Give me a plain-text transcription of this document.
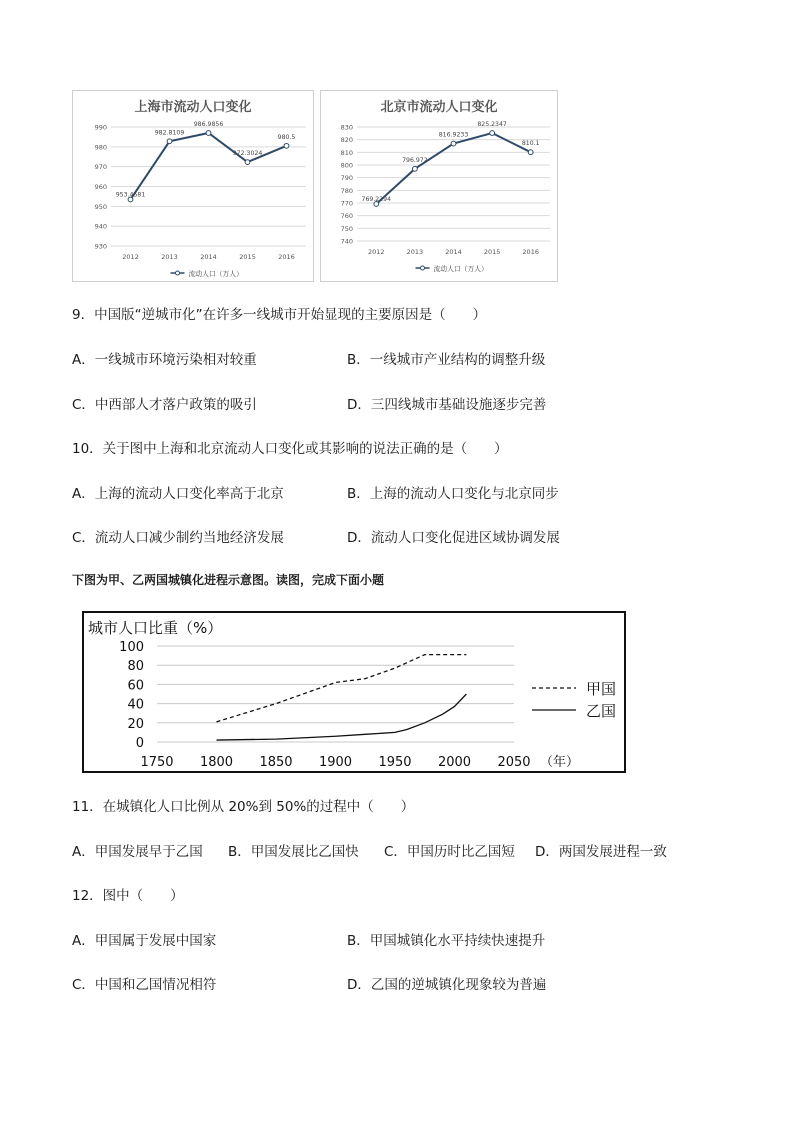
上海市流动人口变化
930
940
950
960
970
980
990
2012	2013	2014	2015	2016
953.4581
982.8109
986.9856
972.3024
980.5
流动人口（万人）
北京市流动人口变化
740
750
760
770
780
790
800
810
820
830
2012	2013	2014	2015	2016
769.2294
796.972
816.9233
825.2347
810.1
流动人口（万人）
9．中国版“逆城市化”在许多一线城市开始显现的主要原因是（　　）
A．一线城市环境污染相对较重	B．一线城市产业结构的调整升级
C．中西部人才落户政策的吸引	D．三四线城市基础设施逐步完善
10．关于图中上海和北京流动人口变化或其影响的说法正确的是（　　）
A．上海的流动人口变化率高于北京	B．上海的流动人口变化与北京同步
C．流动人口减少制约当地经济发展	D．流动人口变化促进区域协调发展
下图为甲、乙两国城镇化进程示意图。读图，完成下面小题
城市人口比重（%）
0
20
40
60
80
100
1750 1800 1850 1900 1950 2000 2050 （年）
甲国
乙国
11．在城镇化人口比例从 20%到 50%的过程中（　　）
A．甲国发展早于乙国 B．甲国发展比乙国快 C．甲国历时比乙国短 D．两国发展进程一致
12．图中（　　）
A．甲国属于发展中国家	B．甲国城镇化水平持续快速提升
C．中国和乙国情况相符	D．乙国的逆城镇化现象较为普遍
